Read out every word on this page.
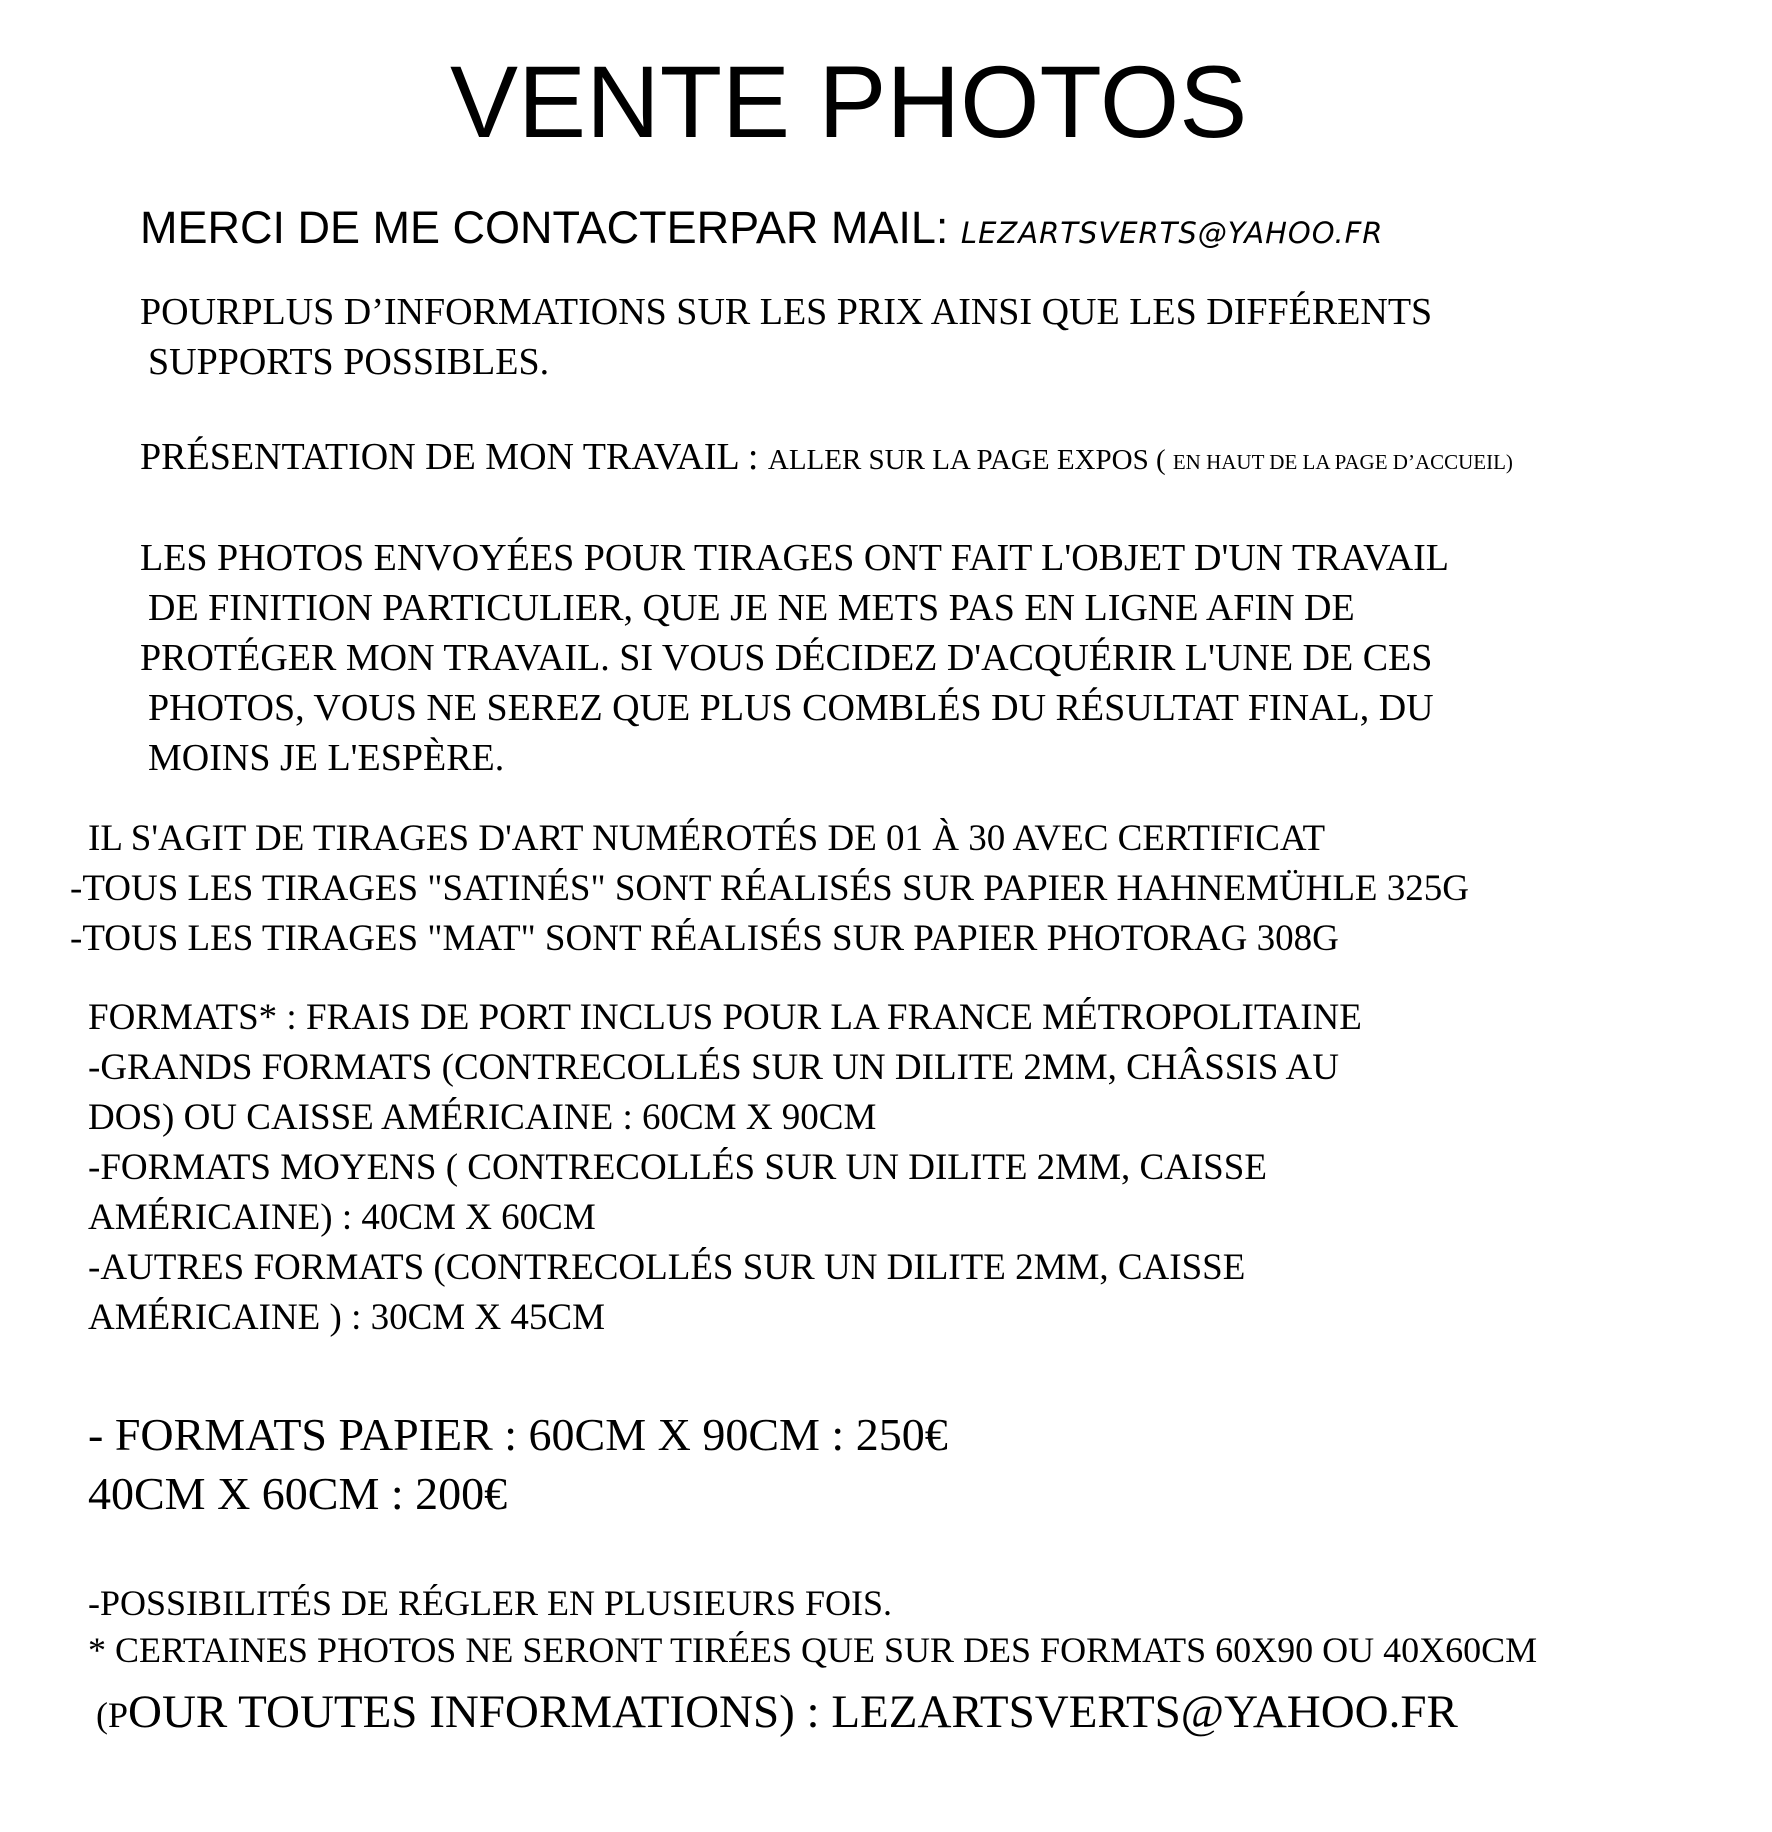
VENTE PHOTOS
MERCI DE ME CONTACTERPAR MAIL: LEZARTSVERTS@YAHOO.FR
POURPLUS D’INFORMATIONS SUR LES PRIX AINSI QUE LES DIFFÉRENTS
SUPPORTS POSSIBLES.
PRÉSENTATION DE MON TRAVAIL : ALLER SUR LA PAGE EXPOS ( EN HAUT DE LA PAGE D’ACCUEIL)
LES PHOTOS ENVOYÉES POUR TIRAGES ONT FAIT L'OBJET D'UN TRAVAIL
DE FINITION PARTICULIER, QUE JE NE METS PAS EN LIGNE AFIN DE
PROTÉGER MON TRAVAIL. SI VOUS DÉCIDEZ D'ACQUÉRIR L'UNE DE CES
PHOTOS, VOUS NE SEREZ QUE PLUS COMBLÉS DU RÉSULTAT FINAL, DU
MOINS JE L'ESPÈRE.
IL S'AGIT DE TIRAGES D'ART NUMÉROTÉS DE 01 À 30 AVEC CERTIFICAT
-TOUS LES TIRAGES "SATINÉS" SONT RÉALISÉS SUR PAPIER HAHNEMÜHLE 325G
-TOUS LES TIRAGES "MAT" SONT RÉALISÉS SUR PAPIER PHOTORAG 308G
FORMATS* : FRAIS DE PORT INCLUS POUR LA FRANCE MÉTROPOLITAINE
-GRANDS FORMATS (CONTRECOLLÉS SUR UN DILITE 2MM, CHÂSSIS AU
DOS) OU CAISSE AMÉRICAINE : 60CM X 90CM
-FORMATS MOYENS ( CONTRECOLLÉS SUR UN DILITE 2MM, CAISSE
AMÉRICAINE) : 40CM X 60CM
-AUTRES FORMATS (CONTRECOLLÉS SUR UN DILITE 2MM, CAISSE
AMÉRICAINE ) : 30CM X 45CM
- FORMATS PAPIER : 60CM X 90CM : 250€
40CM X 60CM : 200€
-POSSIBILITÉS DE RÉGLER EN PLUSIEURS FOIS.
* CERTAINES PHOTOS NE SERONT TIRÉES QUE SUR DES FORMATS 60X90 OU 40X60CM
(POUR TOUTES INFORMATIONS) : LEZARTSVERTS@YAHOO.FR
